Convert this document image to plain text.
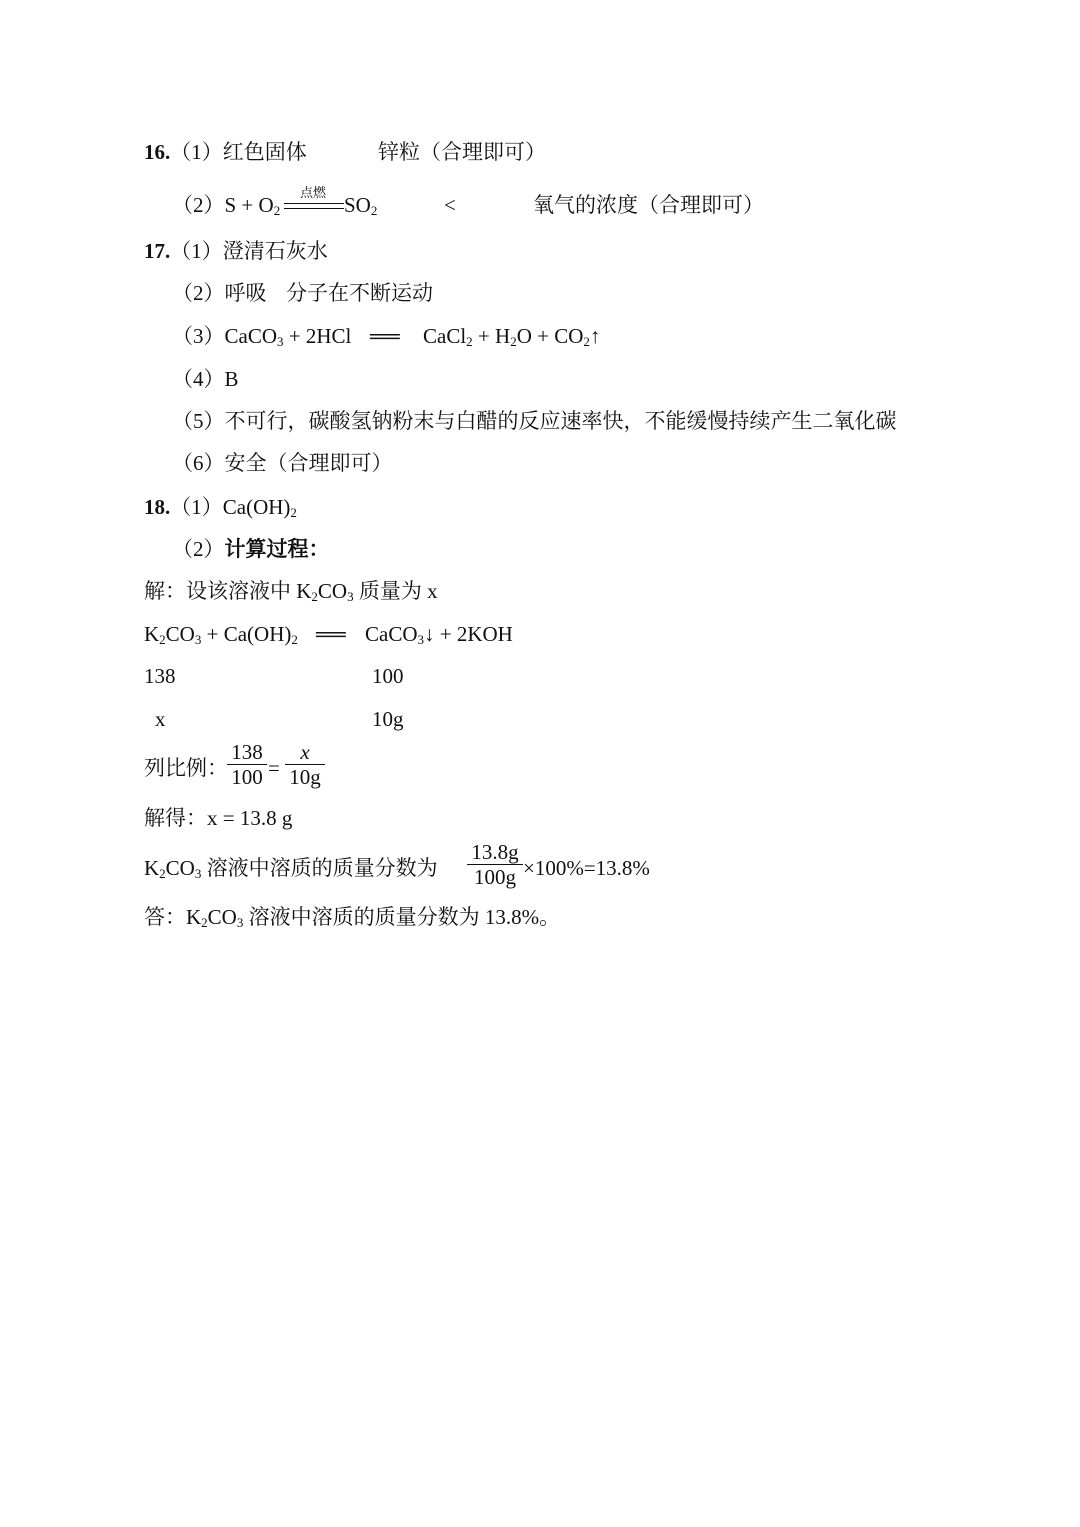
16.（1）红色固体	锌粒（合理即可）
$(2)S + O_2$
点燃
$SO_2$	<	氧气的浓度（合理即可）
17.（1）澄清石灰水
（2）呼吸 分子在不断运动
（3）CaCO$_3$ + 2HCl ══ CaCl$_2$ + $H_2O$ + $CO_2↑$
（4）B
（5）不可行，碳酸氢钠粉末与白醋的反应速率快，不能缓慢持续产生二氧化碳
（6）安全（合理即可）
$18.(1)Ca(OH)_2$
（2）计算过程：
解：设该溶液中 $K_2CO_3$ 质量为 x
$K_2CO_3 + Ca(OH)_2$ ══ CaCO$_3$↓ + 2KOH
138	100
x	10g
列比例：
138
100 =
x
10g
解得：x = 13.8 g
$K_2CO_3$ 溶液中溶质的质量分数为
13.8g
100g ×100%=13.8%
答：$K_2CO_3$ 溶液中溶质的质量分数为 13.8%。
